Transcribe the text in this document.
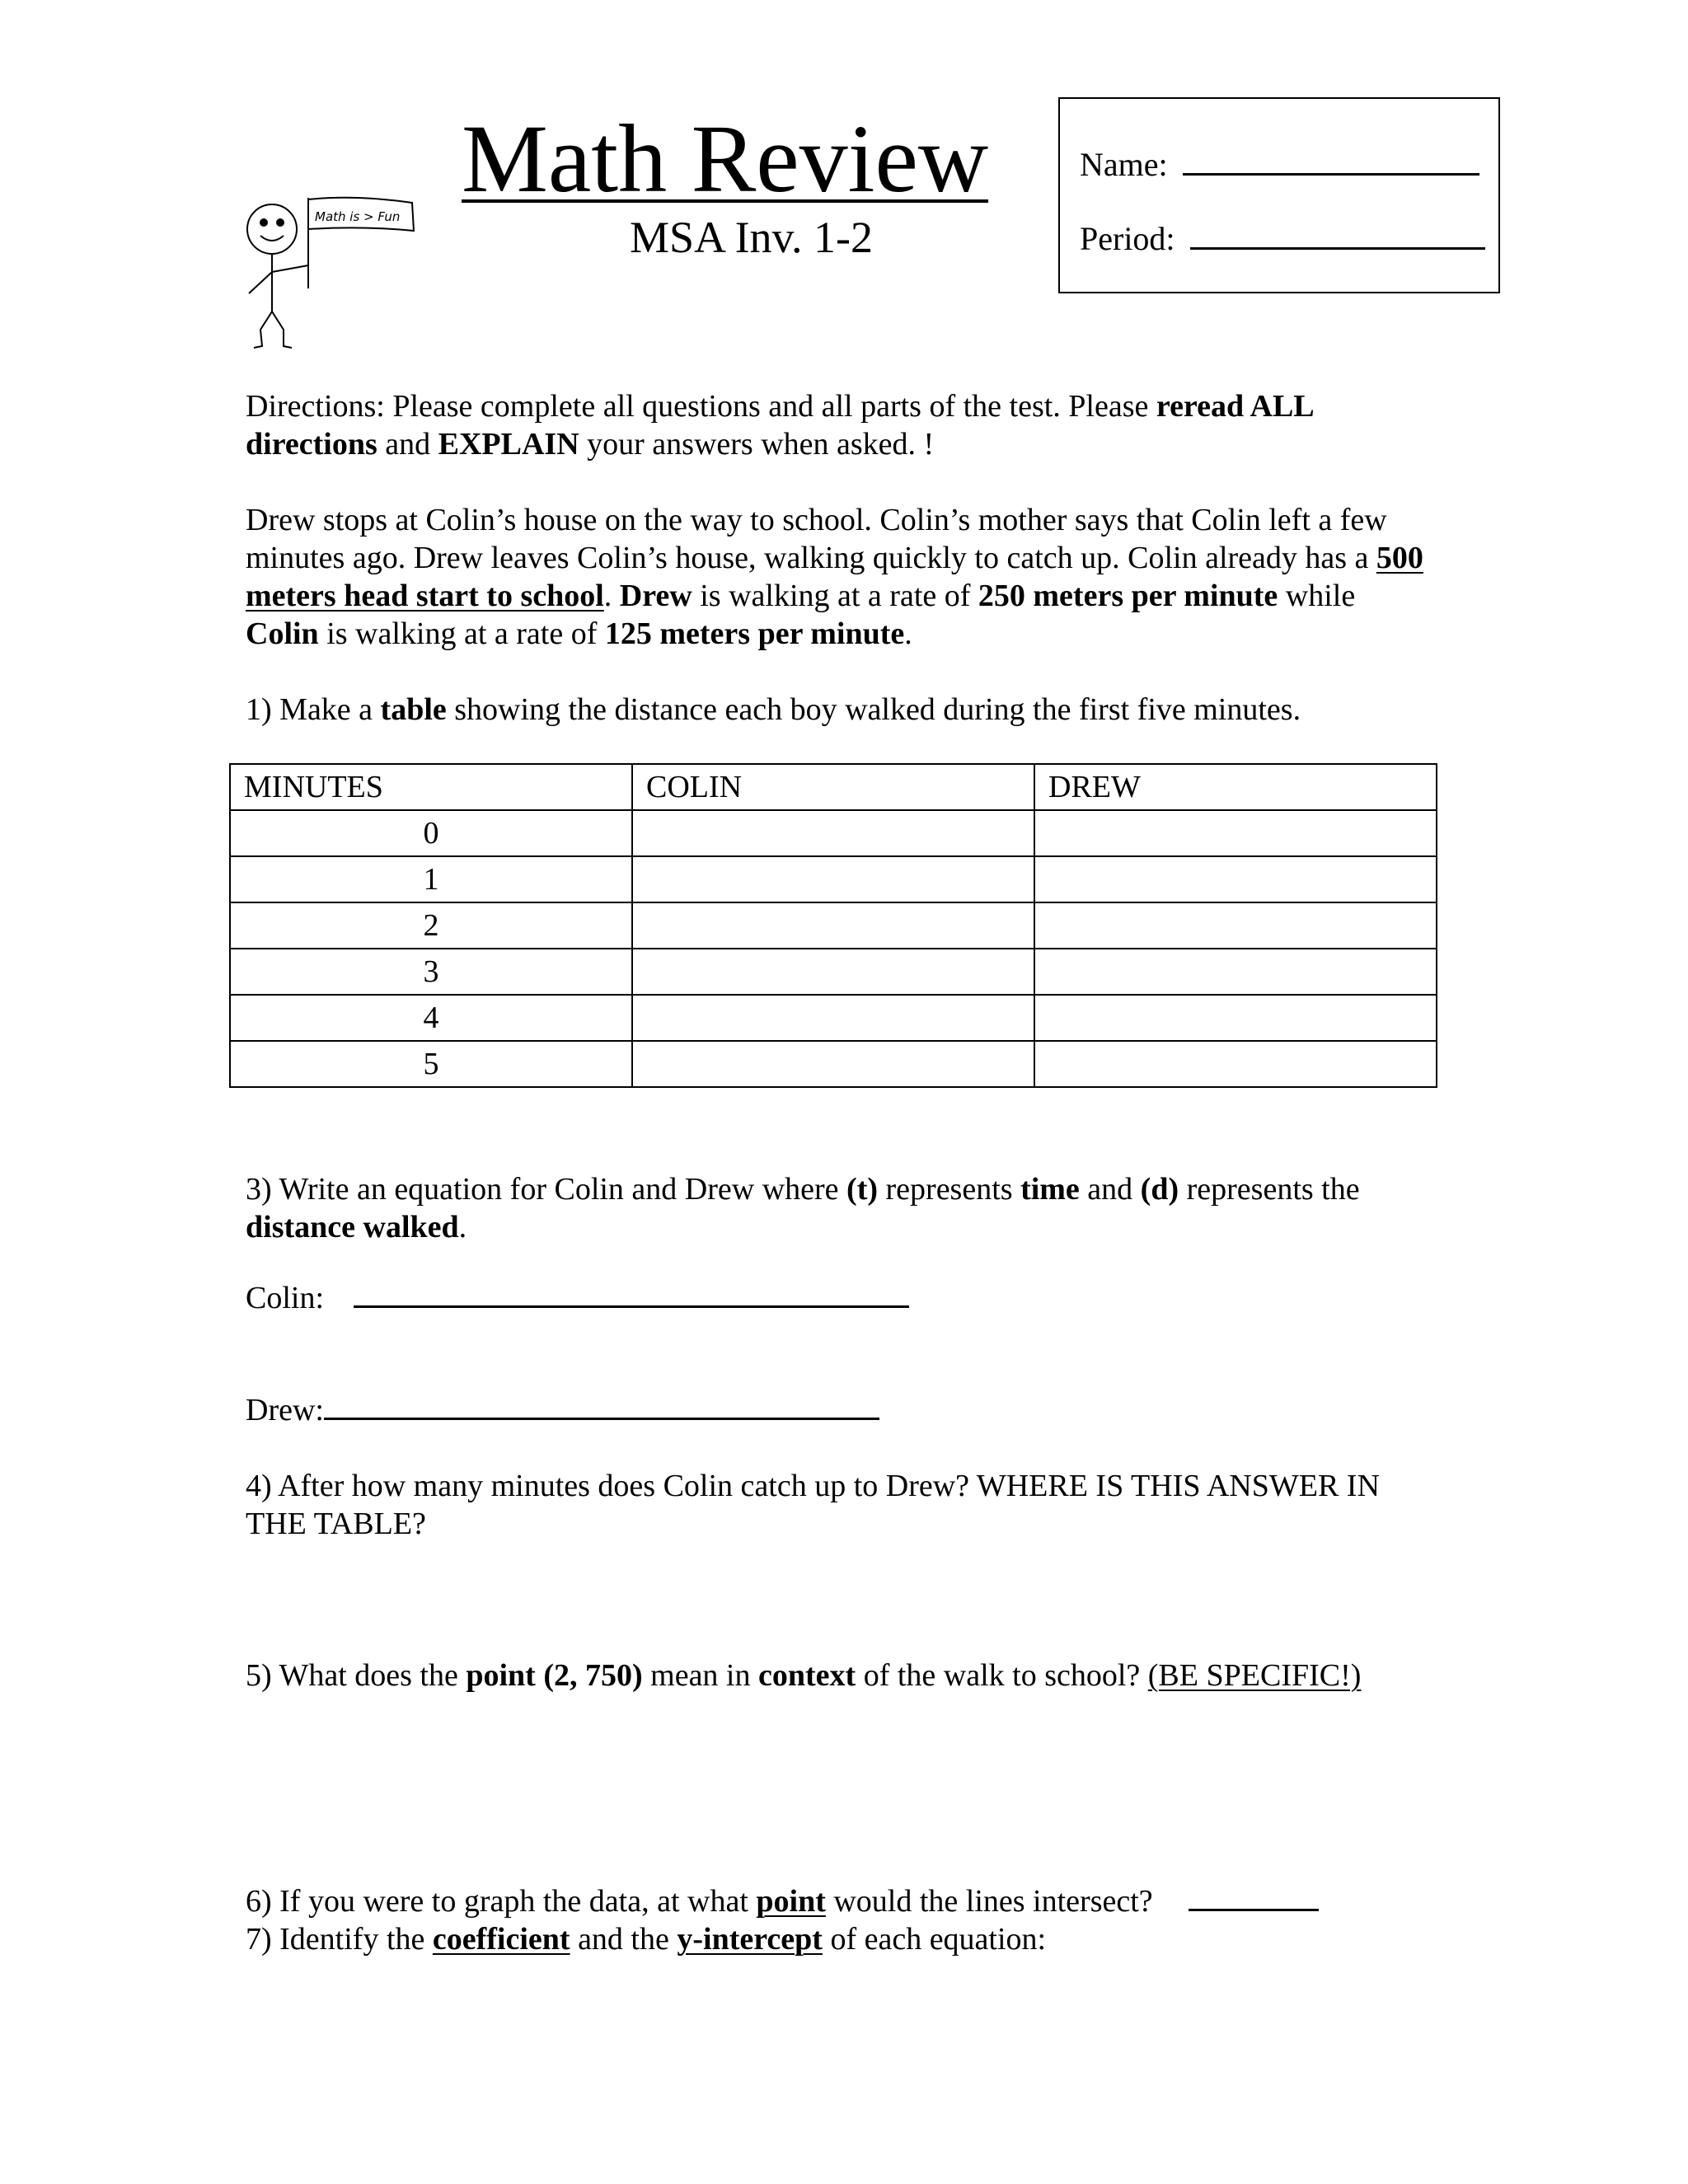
Math Review
MSA Inv. 1-2
Math is > Fun
Name:
Period:
Directions: Please complete all questions and all parts of the test. Please reread ALL directions and EXPLAIN your answers when asked. !
Drew stops at Colin’s house on the way to school. Colin’s mother says that Colin left a few minutes ago. Drew leaves Colin’s house, walking quickly to catch up. Colin already has a 500 meters head start to school. Drew is walking at a rate of 250 meters per minute while Colin is walking at a rate of 125 meters per minute.
1) Make a table showing the distance each boy walked during the first five minutes.
MINUTES	COLIN	DREW
0		
1		
2		
3		
4		
5		
3) Write an equation for Colin and Drew where (t) represents time and (d) represents the distance walked.
Colin:
Drew:
4) After how many minutes does Colin catch up to Drew? WHERE IS THIS ANSWER IN THE TABLE?
5) What does the point (2, 750) mean in context of the walk to school? (BE SPECIFIC!)
6) If you were to graph the data, at what point would the lines intersect?
7) Identify the coefficient and the y-intercept of each equation:
